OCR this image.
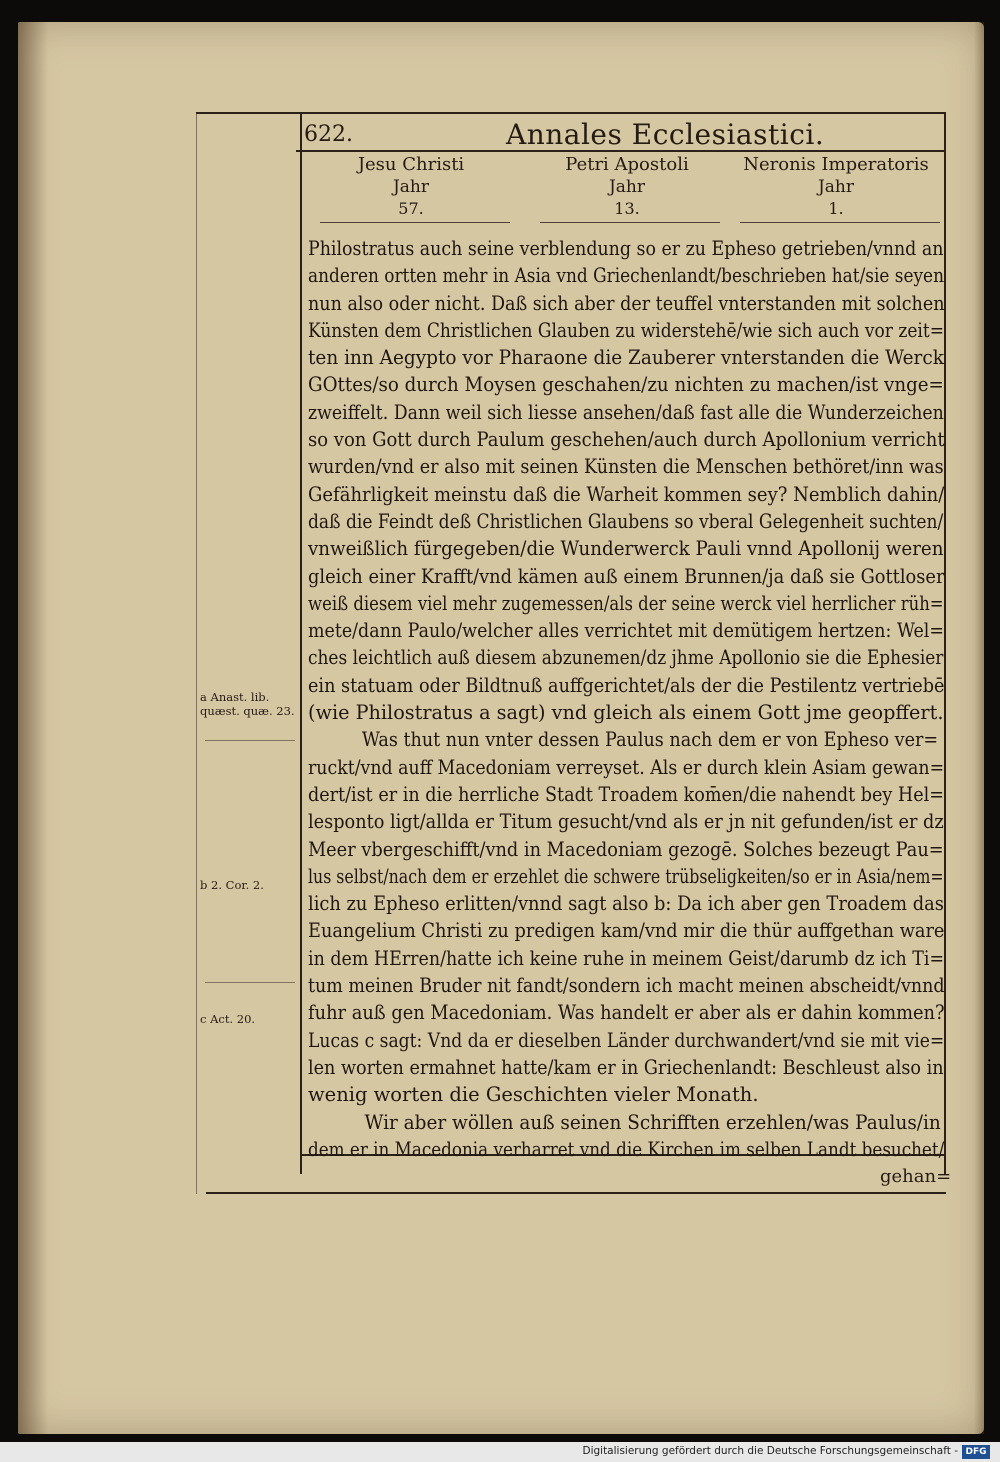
622.	Annales Ecclesiastici.
Jesu Christi
Jahr
57.
Petri Apostoli
Jahr
13.
Neronis Imperatoris
Jahr
1.
Philostratus auch seine verblendung so er zu Epheso getrieben/vnnd an
anderen ortten mehr in Asia vnd Griechenlandt/beschrieben hat/sie seyen
nun also oder nicht. Daß sich aber der teuffel vnterstanden mit solchen
Künsten dem Christlichen Glauben zu widerstehē/wie sich auch vor zeit=
ten inn Aegypto vor Pharaone die Zauberer vnterstanden die Werck
GOttes/so durch Moysen geschahen/zu nichten zu machen/ist vnge=
zweiffelt. Dann weil sich liesse ansehen/daß fast alle die Wunderzeichen
so von Gott durch Paulum geschehen/auch durch Apollonium verricht
wurden/vnd er also mit seinen Künsten die Menschen bethöret/inn was
Gefährligkeit meinstu daß die Warheit kommen sey? Nemblich dahin/
daß die Feindt deß Christlichen Glaubens so vberal Gelegenheit suchten/
vnweißlich fürgegeben/die Wunderwerck Pauli vnnd Apollonij weren
gleich einer Krafft/vnd kämen auß einem Brunnen/ja daß sie Gottloser
weiß diesem viel mehr zugemessen/als der seine werck viel herrlicher rüh=
mete/dann Paulo/welcher alles verrichtet mit demütigem hertzen: Wel=
ches leichtlich auß diesem abzunemen/dz jhme Apollonio sie die Ephesier
ein statuam oder Bildtnuß auffgerichtet/als der die Pestilentz vertriebē
(wie Philostratus a sagt) vnd gleich als einem Gott jme geopffert.
Was thut nun vnter dessen Paulus nach dem er von Epheso ver=
ruckt/vnd auff Macedoniam verreyset. Als er durch klein Asiam gewan=
dert/ist er in die herrliche Stadt Troadem kom̄en/die nahendt bey Hel=
lesponto ligt/allda er Titum gesucht/vnd als er jn nit gefunden/ist er dz
Meer vbergeschifft/vnd in Macedoniam gezogē. Solches bezeugt Pau=
lus selbst/nach dem er erzehlet die schwere trübseligkeiten/so er in Asia/nem=
lich zu Epheso erlitten/vnnd sagt also b: Da ich aber gen Troadem das
Euangelium Christi zu predigen kam/vnd mir die thür auffgethan ware
in dem HErren/hatte ich keine ruhe in meinem Geist/darumb dz ich Ti=
tum meinen Bruder nit fandt/sondern ich macht meinen abscheidt/vnnd
fuhr auß gen Macedoniam. Was handelt er aber als er dahin kommen?
Lucas c sagt: Vnd da er dieselben Länder durchwandert/vnd sie mit vie=
len worten ermahnet hatte/kam er in Griechenlandt: Beschleust also in
wenig worten die Geschichten vieler Monath.
Wir aber wöllen auß seinen Schrifften erzehlen/was Paulus/in
dem er in Macedonia verharret vnd die Kirchen im selben Landt besuchet/
a Anast. lib.
quæst. quæ. 23.
b 2. Cor. 2.
c Act. 20.
gehan=
Digitalisierung gefördert durch die Deutsche Forschungsgemeinschaft - DFG
